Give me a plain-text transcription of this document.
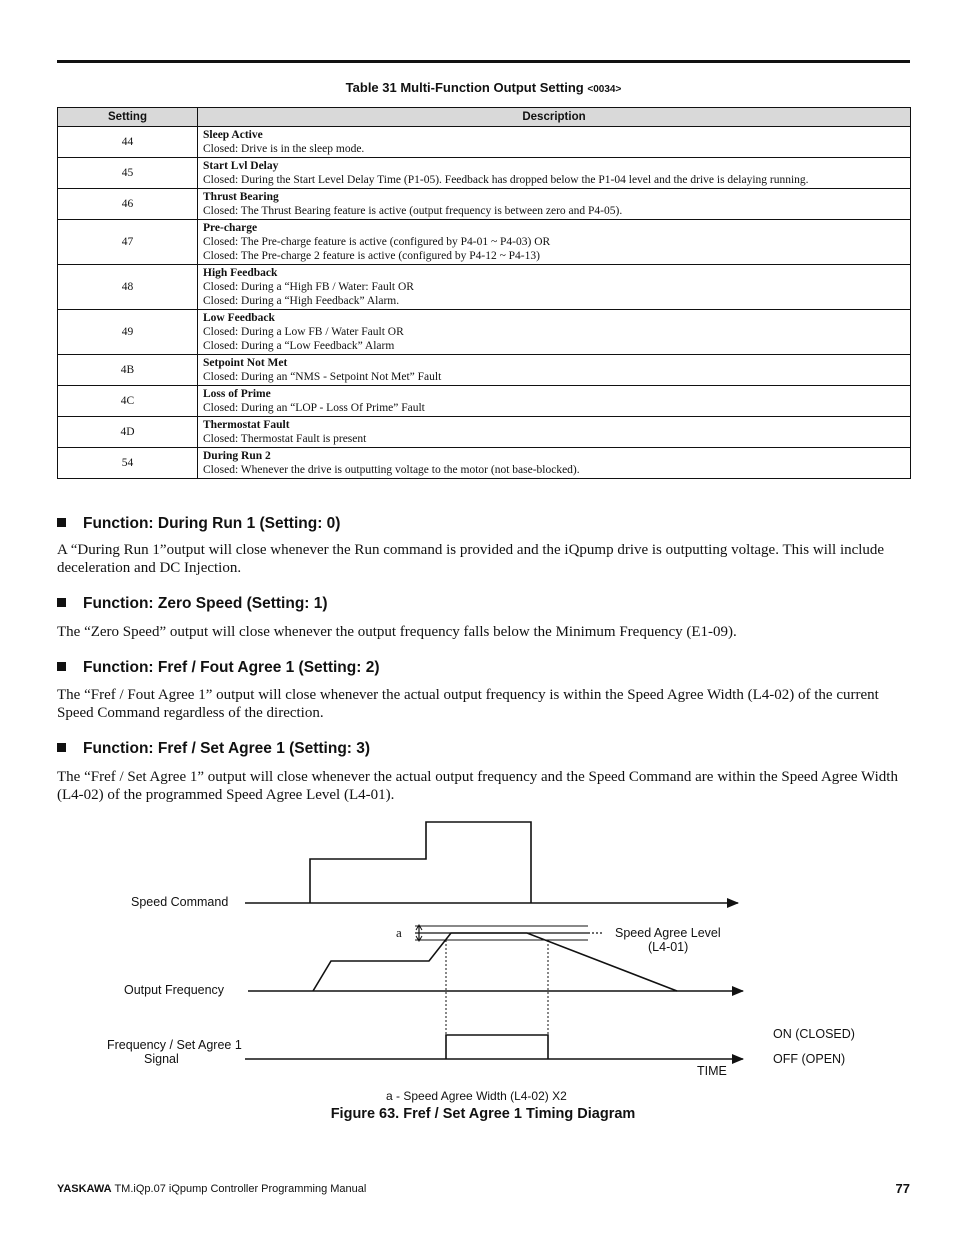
Table 31 Multi-Function Output Setting <0034>
Setting	Description
44	Sleep Active
Closed: Drive is in the sleep mode.

45	Start Lvl Delay
Closed: During the Start Level Delay Time (P1-05). Feedback has dropped below the P1-04 level and the drive is delaying running.

46	Thrust Bearing
Closed: The Thrust Bearing feature is active (output frequency is between zero and P4-05).

47	Pre-charge
Closed: The Pre-charge feature is active (configured by P4-01 ~ P4-03) OR
Closed: The Pre-charge 2 feature is active (configured by P4-12 ~ P4-13)

48	High Feedback
Closed: During a “High FB / Water: Fault OR
Closed: During a “High Feedback” Alarm.

49	Low Feedback
Closed: During a Low FB / Water Fault OR
Closed: During a “Low Feedback” Alarm

4B	Setpoint Not Met
Closed: During an “NMS - Setpoint Not Met” Fault

4C	Loss of Prime
Closed: During an “LOP - Loss Of Prime” Fault

4D	Thermostat Fault
Closed: Thermostat Fault is present

54	During Run 2
Closed: Whenever the drive is outputting voltage to the motor (not base-blocked).
Function: During Run 1 (Setting: 0)
A “During Run 1”output will close whenever the Run command is provided and the iQpump drive is outputting voltage. This will include deceleration and DC Injection.
Function: Zero Speed (Setting: 1)
The “Zero Speed” output will close whenever the output frequency falls below the Minimum Frequency (E1-09).
Function: Fref / Fout Agree 1 (Setting: 2)
The “Fref / Fout Agree 1” output will close whenever the actual output frequency is within the Speed Agree Width (L4-02) of the current Speed Command regardless of the direction.
Function: Fref / Set Agree 1 (Setting: 3)
The “Fref / Set Agree 1” output will close whenever the actual output frequency and the Speed Command are within the Speed Agree Width (L4-02) of the programmed Speed Agree Level (L4-01).
Speed Command
Output Frequency
Frequency / Set Agree 1
Signal
a	Speed Agree Level
(L4-01)
ON (CLOSED)
OFF (OPEN)
TIME
a - Speed Agree Width (L4-02) X2
Figure 63. Fref / Set Agree 1 Timing Diagram
YASKAWA TM.iQp.07 iQpump Controller Programming Manual	77
